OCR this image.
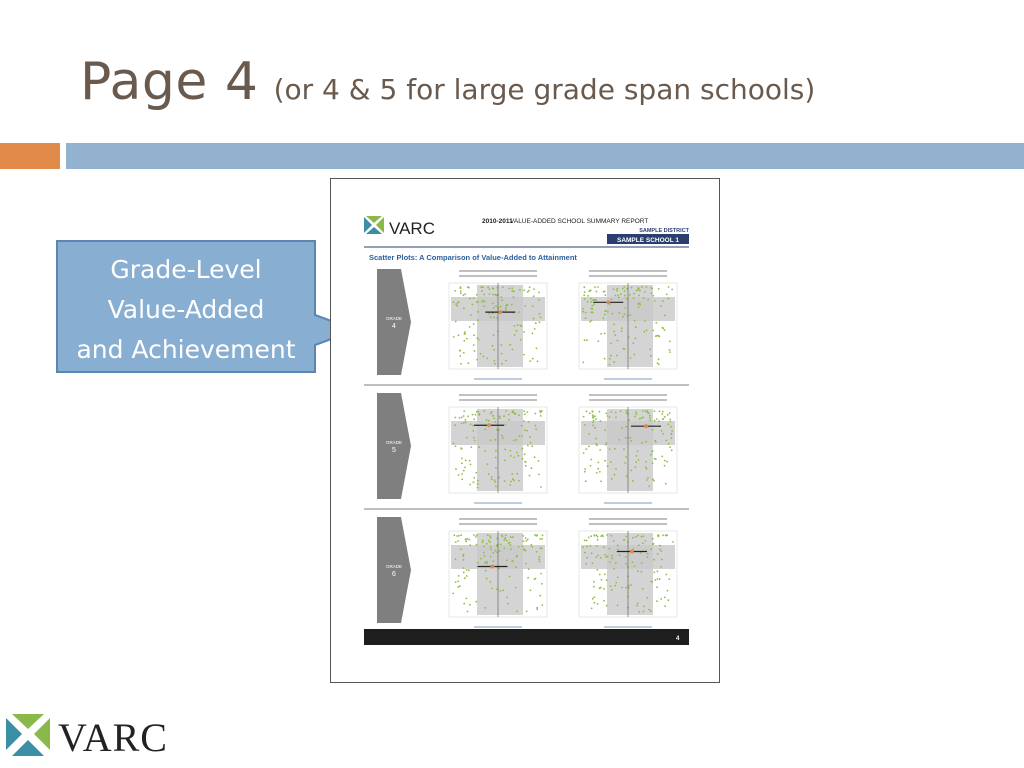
Page 4 (or 4 & 5 for large grade span schools)
Grade-Level
Value-Added
and Achievement
VARC	2010-2011
VALUE-ADDED SCHOOL SUMMARY REPORT
SAMPLE DISTRICT
SAMPLE SCHOOL 1
Scatter Plots: A Comparison of Value-Added to Attainment
GRADE
4
GRADE
5
GRADE
6
4
VARC
